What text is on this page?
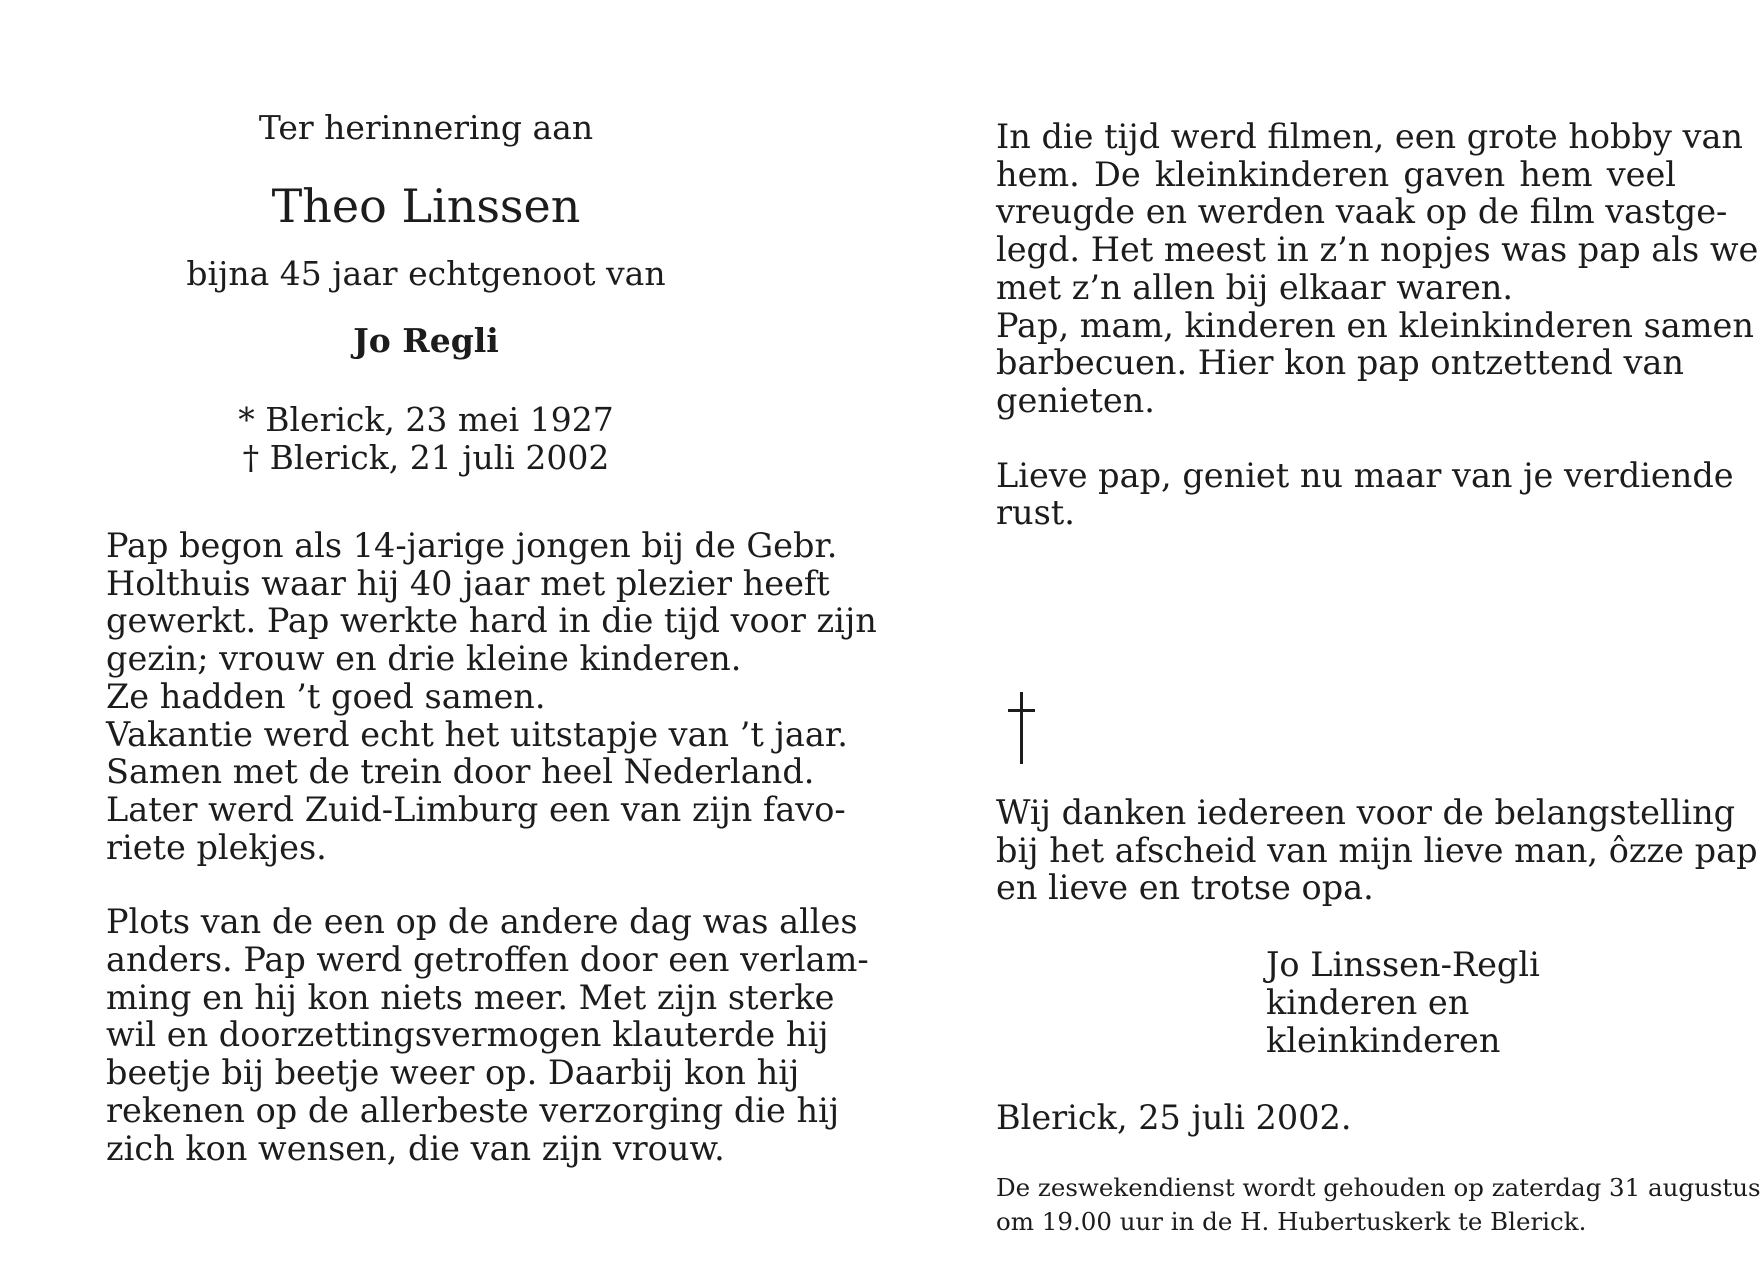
Ter herinnering aan
Theo Linssen
bijna 45 jaar echtgenoot van
Jo Regli
* Blerick, 23 mei 1927
† Blerick, 21 juli 2002
Pap begon als 14-jarige jongen bij de Gebr.
Holthuis waar hij 40 jaar met plezier heeft
gewerkt. Pap werkte hard in die tijd voor zijn
gezin; vrouw en drie kleine kinderen.
Ze hadden ’t goed samen.
Vakantie werd echt het uitstapje van ’t jaar.
Samen met de trein door heel Nederland.
Later werd Zuid-Limburg een van zijn favo-
riete plekjes.
Plots van de een op de andere dag was alles
anders. Pap werd getroffen door een verlam-
ming en hij kon niets meer. Met zijn sterke
wil en doorzettingsvermogen klauterde hij
beetje bij beetje weer op. Daarbij kon hij
rekenen op de allerbeste verzorging die hij
zich kon wensen, die van zijn vrouw.
In die tijd werd filmen, een grote hobby van
hem. De kleinkinderen gaven hem veel
vreugde en werden vaak op de film vastge-
legd. Het meest in z’n nopjes was pap als we
met z’n allen bij elkaar waren.
Pap, mam, kinderen en kleinkinderen samen
barbecuen. Hier kon pap ontzettend van
genieten.
Lieve pap, geniet nu maar van je verdiende
rust.
Wij danken iedereen voor de belangstelling
bij het afscheid van mijn lieve man, ôzze pap
en lieve en trotse opa.
Jo Linssen-Regli
kinderen en kleinkinderen
Blerick, 25 juli 2002.
De zeswekendienst wordt gehouden op zaterdag 31 augustus
om 19.00 uur in de H. Hubertuskerk te Blerick.
